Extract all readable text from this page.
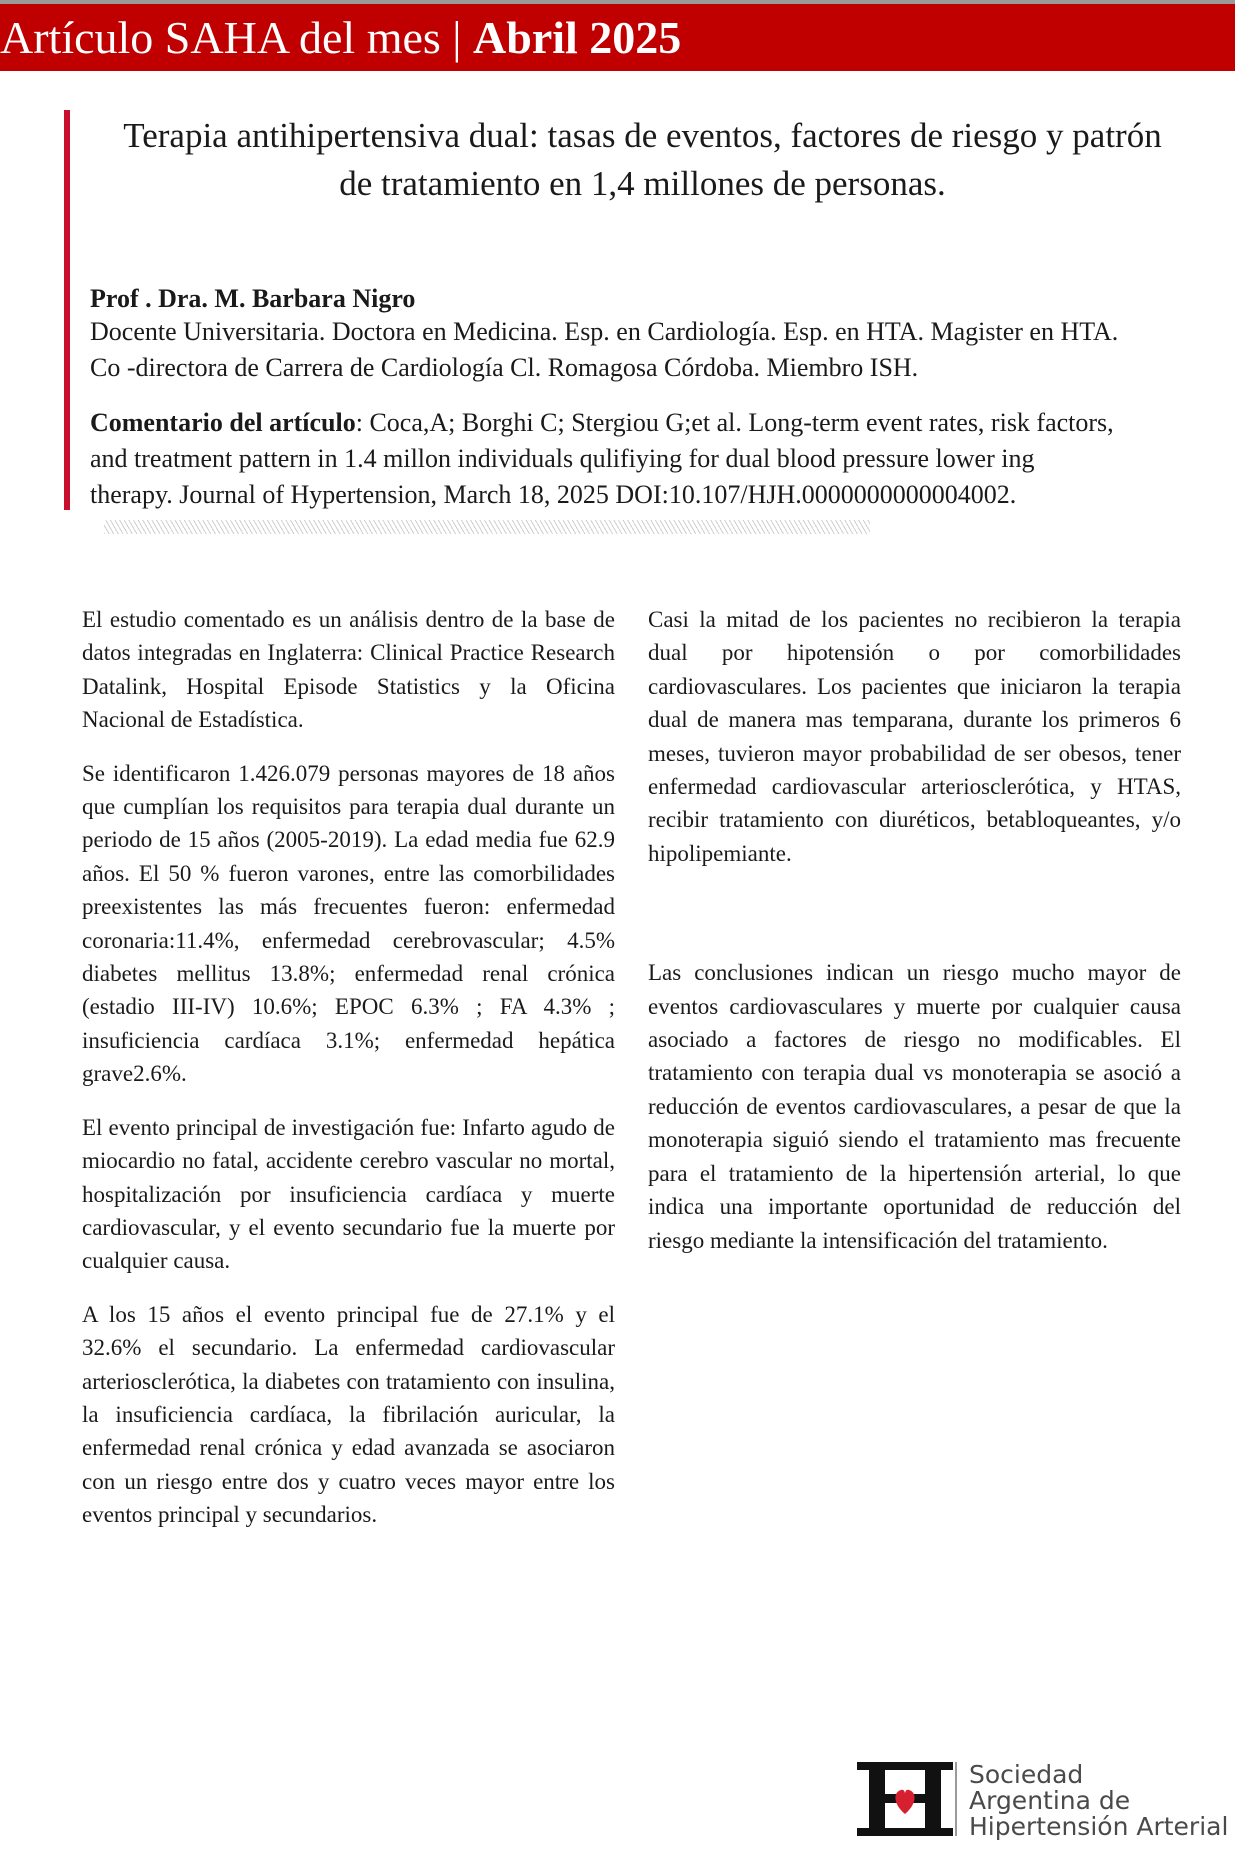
Artículo SAHA del mes | Abril 2025
Terapia antihipertensiva dual: tasas de eventos, factores de riesgo y patrón de tratamiento en 1,4 millones de personas.
Prof . Dra. M. Barbara Nigro
Docente Universitaria. Doctora en Medicina. Esp. en Cardiología. Esp. en HTA. Magister en HTA.
Co -directora de Carrera de Cardiología Cl. Romagosa Córdoba. Miembro ISH.
Comentario del artículo: Coca,A; Borghi C; Stergiou G;et al. Long-term event rates, risk factors,
and treatment pattern in 1.4 millon individuals qulifiying for dual blood pressure lower ing
therapy. Journal of Hypertension, March 18, 2025 DOI:10.107/HJH.0000000000004002.

El estudio comentado es un análisis dentro de la base de datos integradas en Inglaterra: Clinical Practice Research Datalink, Hospital Episode Statistics y la Oficina Nacional de Estadística.

Se identificaron 1.426.079 personas mayores de 18 años que cumplían los requisitos para terapia dual durante un periodo de 15 años (2005-2019). La edad media fue 62.9 años. El 50 % fueron varones, entre las comorbilidades preexistentes las más frecuentes fueron: enfermedad coronaria:11.4%, enfermedad cerebrovascular; 4.5% diabetes mellitus 13.8%; enfermedad renal crónica (estadio III-IV) 10.6%; EPOC 6.3% ; FA 4.3% ; insuficiencia cardíaca 3.1%; enfermedad hepática grave2.6%.

El evento principal de investigación fue: Infarto agudo de miocardio no fatal, accidente cerebro vascular no mortal, hospitalización por insuficiencia cardíaca y muerte cardiovascular, y el evento secundario fue la muerte por cualquier causa.

A los 15 años el evento principal fue de 27.1% y el 32.6% el secundario. La enfermedad cardiovascular arteriosclerótica, la diabetes con tratamiento con insulina, la insuficiencia cardíaca, la fibrilación auricular, la enfermedad renal crónica y edad avanzada se asociaron con un riesgo entre dos y cuatro veces mayor entre los eventos principal y secundarios.

Casi la mitad de los pacientes no recibieron la terapia dual por hipotensión o por comorbilidades cardiovasculares. Los pacientes que iniciaron la terapia dual de manera mas temparana, durante los primeros 6 meses, tuvieron mayor probabilidad de ser obesos, tener enfermedad cardiovascular arteriosclerótica, y HTAS, recibir tratamiento con diuréticos, betabloqueantes, y/o hipolipemiante.

Las conclusiones indican un riesgo mucho mayor de eventos cardiovasculares y muerte por cualquier causa asociado a factores de riesgo no modificables. El tratamiento con terapia dual vs monoterapia se asoció a reducción de eventos cardiovasculares, a pesar de que la monoterapia siguió siendo el tratamiento mas frecuente para el tratamiento de la hipertensión arterial, lo que indica una importante oportunidad de reducción del riesgo mediante la intensificación del tratamiento.

Sociedad
Argentina de
Hipertensión Arterial
